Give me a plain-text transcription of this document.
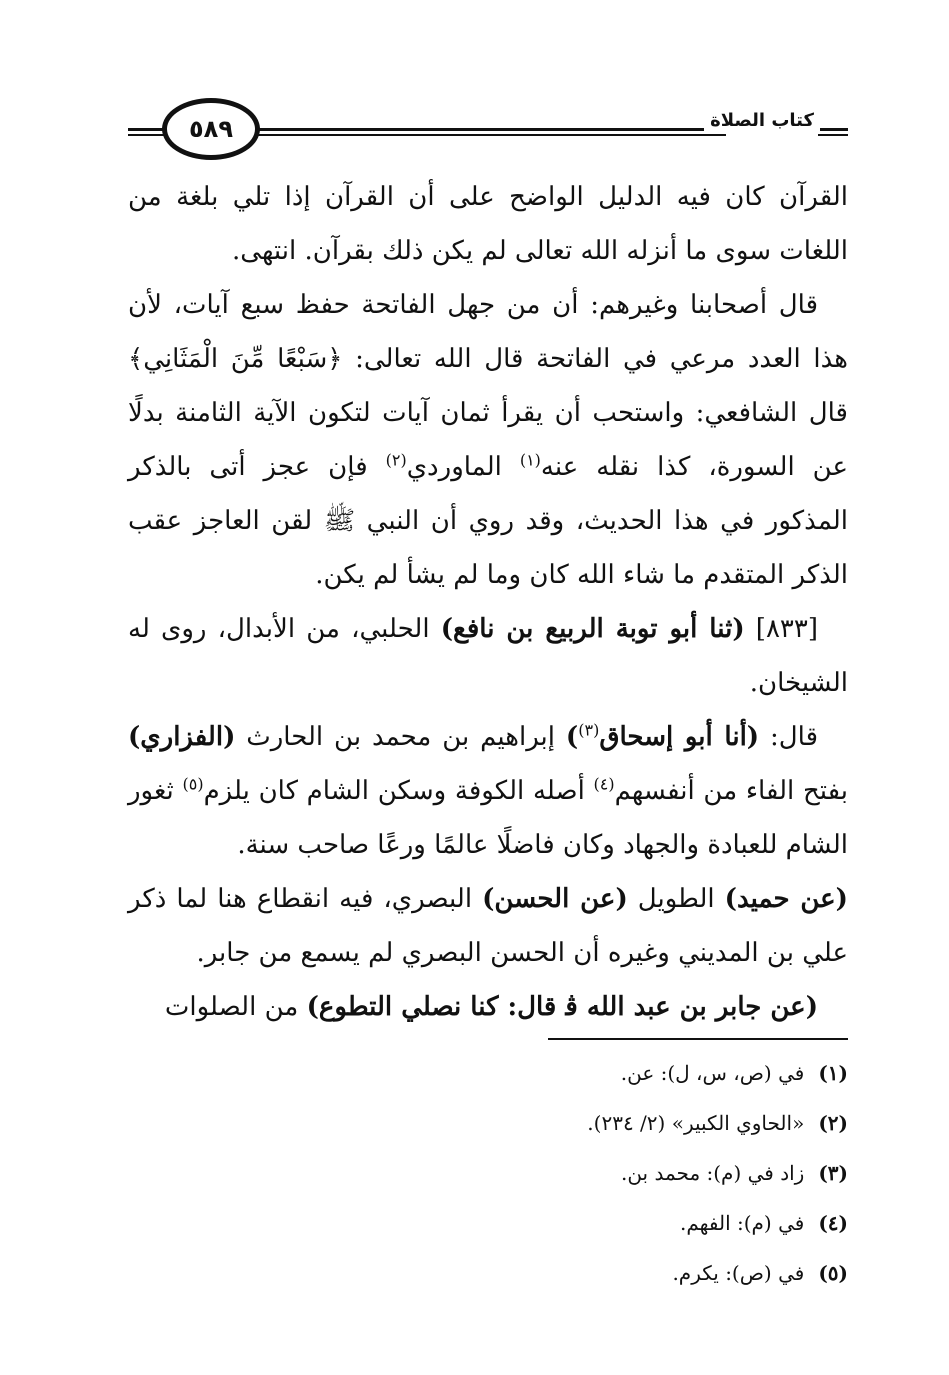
٥٨٩	كتاب الصلاة

القرآن كان فيه الدليل الواضح على أن القرآن إذا تلي بلغة من اللغات سوى ما أنزله الله تعالى لم يكن ذلك بقرآن. انتهى.

قال أصحابنا وغيرهم: أن من جهل الفاتحة حفظ سبع آيات، لأن هذا العدد مرعي في الفاتحة قال الله تعالى: ﴿سَبْعًا مِّنَ الْمَثَانِي﴾ قال الشافعي: واستحب أن يقرأ ثمان آيات لتكون الآية الثامنة بدلًا عن السورة، كذا نقله عنه$^{(١)}$ الماوردي$^{(٢)}$ فإن عجز أتى بالذكر المذكور في هذا الحديث، وقد روي أن النبي ﷺ لقن العاجز عقب الذكر المتقدم ما شاء الله كان وما لم يشأ لم يكن.

[٨٣٣] (ثنا أبو توبة الربيع بن نافع) الحلبي، من الأبدال، روى له الشيخان.

قال: (أنا أبو إسحاق$^{(٣)}$) إبراهيم بن محمد بن الحارث (الفزاري) بفتح الفاء من أنفسهم$^{(٤)}$ أصله الكوفة وسكن الشام كان يلزم$^{(٥)}$ ثغور الشام للعبادة والجهاد وكان فاضلًا عالمًا ورعًا صاحب سنة.

(عن حميد) الطويل (عن الحسن) البصري، فيه انقطاع هنا لما ذكر علي بن المديني وغيره أن الحسن البصري لم يسمع من جابر.

(عن جابر بن عبد الله ﭬ قال: كنا نصلي التطوع) من الصلوات

(١)
في (ص، س، ل): عن.
(٢)
«الحاوي الكبير» (٢/ ٢٣٤).
(٣)
زاد في (م): محمد بن.
(٤)
في (م): الفهم.
(٥)
في (ص): يكرم.
